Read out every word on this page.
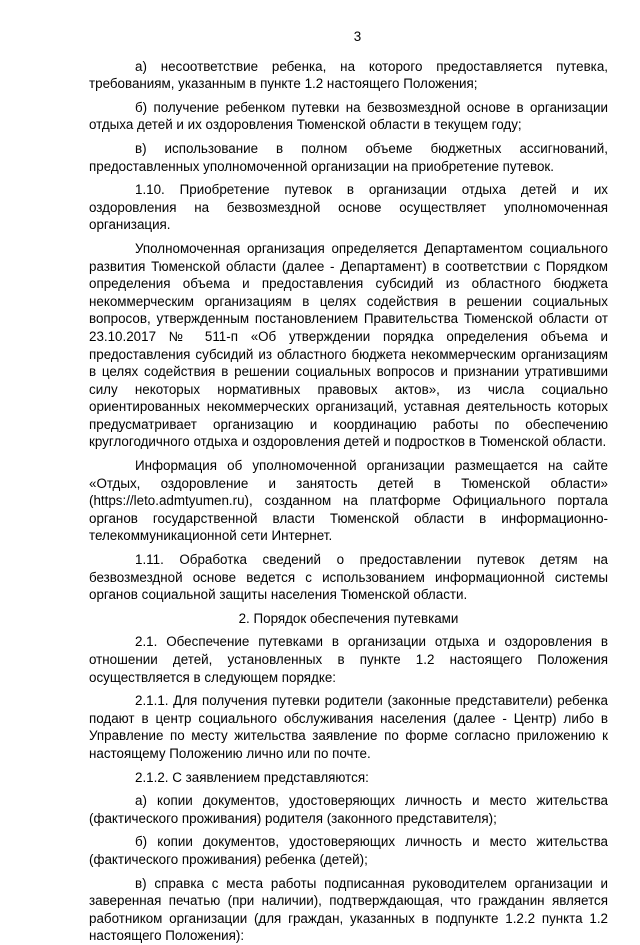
3

а) несоответствие ребенка, на которого предоставляется путевка, требованиям, указанным в пункте 1.2 настоящего Положения;

б) получение ребенком путевки на безвозмездной основе в организации отдыха детей и их оздоровления Тюменской области в текущем году;

в) использование в полном объеме бюджетных ассигнований, предоставленных уполномоченной организации на приобретение путевок.

1.10. Приобретение путевок в организации отдыха детей и их оздоровления на безвозмездной основе осуществляет уполномоченная организация.

Уполномоченная организация определяется Департаментом социального развития Тюменской области (далее - Департамент) в соответствии с Порядком определения объема и предоставления субсидий из областного бюджета некоммерческим организациям в целях содействия в решении социальных вопросов, утвержденным постановлением Правительства Тюменской области от 23.10.2017 № 511-п «Об утверждении порядка определения объема и предоставления субсидий из областного бюджета некоммерческим организациям в целях содействия в решении социальных вопросов и признании утратившими силу некоторых нормативных правовых актов», из числа социально ориентированных некоммерческих организаций, уставная деятельность которых предусматривает организацию и координацию работы по обеспечению круглогодичного отдыха и оздоровления детей и подростков в Тюменской области.

Информация об уполномоченной организации размещается на сайте «Отдых, оздоровление и занятость детей в Тюменской области» (https://leto.admtyumen.ru), созданном на платформе Официального портала органов государственной власти Тюменской области в информационно-телекоммуникационной сети Интернет.

1.11. Обработка сведений о предоставлении путевок детям на безвозмездной основе ведется с использованием информационной системы органов социальной защиты населения Тюменской области.

2. Порядок обеспечения путевками

2.1. Обеспечение путевками в организации отдыха и оздоровления в отношении детей, установленных в пункте 1.2 настоящего Положения осуществляется в следующем порядке:

2.1.1. Для получения путевки родители (законные представители) ребенка подают в центр социального обслуживания населения (далее - Центр) либо в Управление по месту жительства заявление по форме согласно приложению к настоящему Положению лично или по почте.

2.1.2. С заявлением представляются:

а) копии документов, удостоверяющих личность и место жительства (фактического проживания) родителя (законного представителя);

б) копии документов, удостоверяющих личность и место жительства (фактического проживания) ребенка (детей);

в) справка с места работы подписанная руководителем организации и заверенная печатью (при наличии), подтверждающая, что гражданин является работником организации (для граждан, указанных в подпункте 1.2.2 пункта 1.2 настоящего Положения):
